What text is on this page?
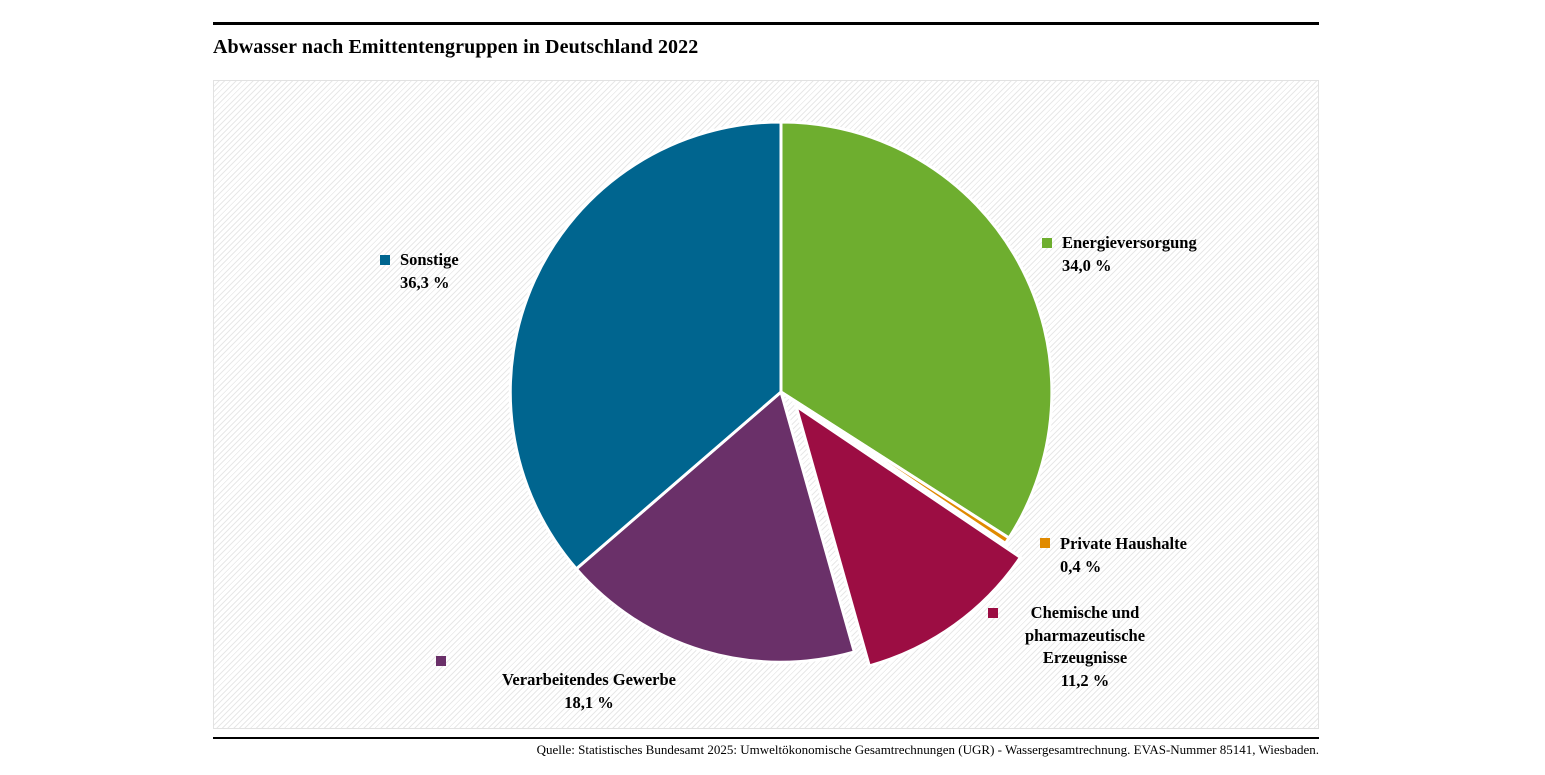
Abwasser nach Emittentengruppen in Deutschland 2022
Sonstige
36,3 %
Energieversorgung
34,0 %
Private Haushalte
0,4 %
Chemische und pharmazeutische Erzeugnisse
11,2 %
Verarbeitendes Gewerbe
18,1 %
Quelle: Statistisches Bundesamt 2025: Umweltökonomische Gesamtrechnungen (UGR) - Wassergesamtrechnung. EVAS-Nummer 85141, Wiesbaden.
